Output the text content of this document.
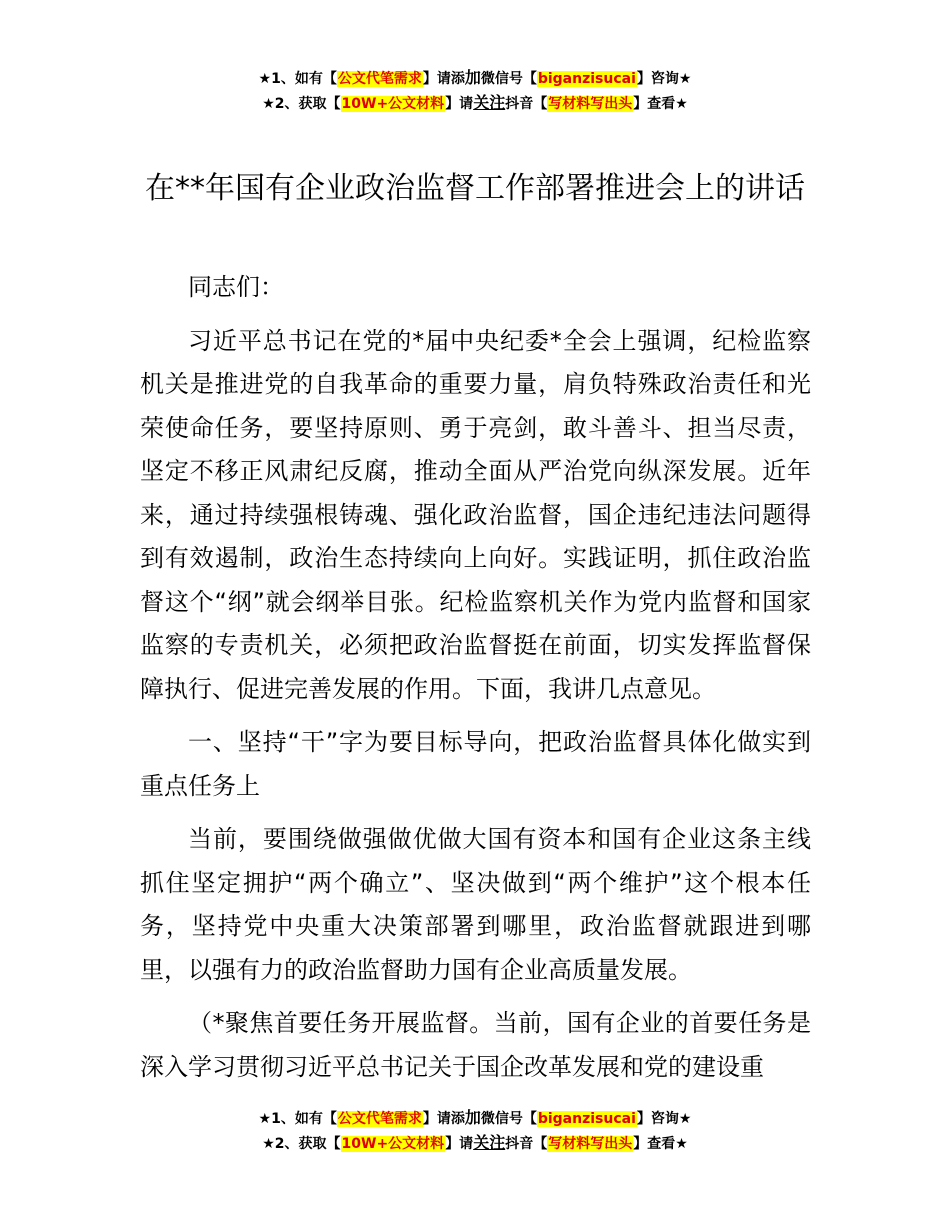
★1、如有【公文代笔需求】请添加微信号【biganzisucai】咨询★
★2、获取【10W+公文材料】请关注抖音【写材料写出头】查看★
在**年国有企业政治监督工作部署推进会上的讲话

同志们：

习近平总书记在党的*届中央纪委*全会上强调，纪检监察机关是推进党的自我革命的重要力量，肩负特殊政治责任和光荣使命任务，要坚持原则、勇于亮剑，敢斗善斗、担当尽责，坚定不移正风肃纪反腐，推动全面从严治党向纵深发展。近年来，通过持续强根铸魂、强化政治监督，国企违纪违法问题得到有效遏制，政治生态持续向上向好。实践证明，抓住政治监督这个“纲”就会纲举目张。纪检监察机关作为党内监督和国家监察的专责机关，必须把政治监督挺在前面，切实发挥监督保障执行、促进完善发展的作用。下面，我讲几点意见。

一、坚持“干”字为要目标导向，把政治监督具体化做实到重点任务上

当前，要围绕做强做优做大国有资本和国有企业这条主线抓住坚定拥护“两个确立”、坚决做到“两个维护”这个根本任务，坚持党中央重大决策部署到哪里，政治监督就跟进到哪里，以强有力的政治监督助力国有企业高质量发展。

（*聚焦首要任务开展监督。当前，国有企业的首要任务是深入学习贯彻习近平总书记关于国企改革发展和党的建设重

★1、如有【公文代笔需求】请添加微信号【biganzisucai】咨询★
★2、获取【10W+公文材料】请关注抖音【写材料写出头】查看★
